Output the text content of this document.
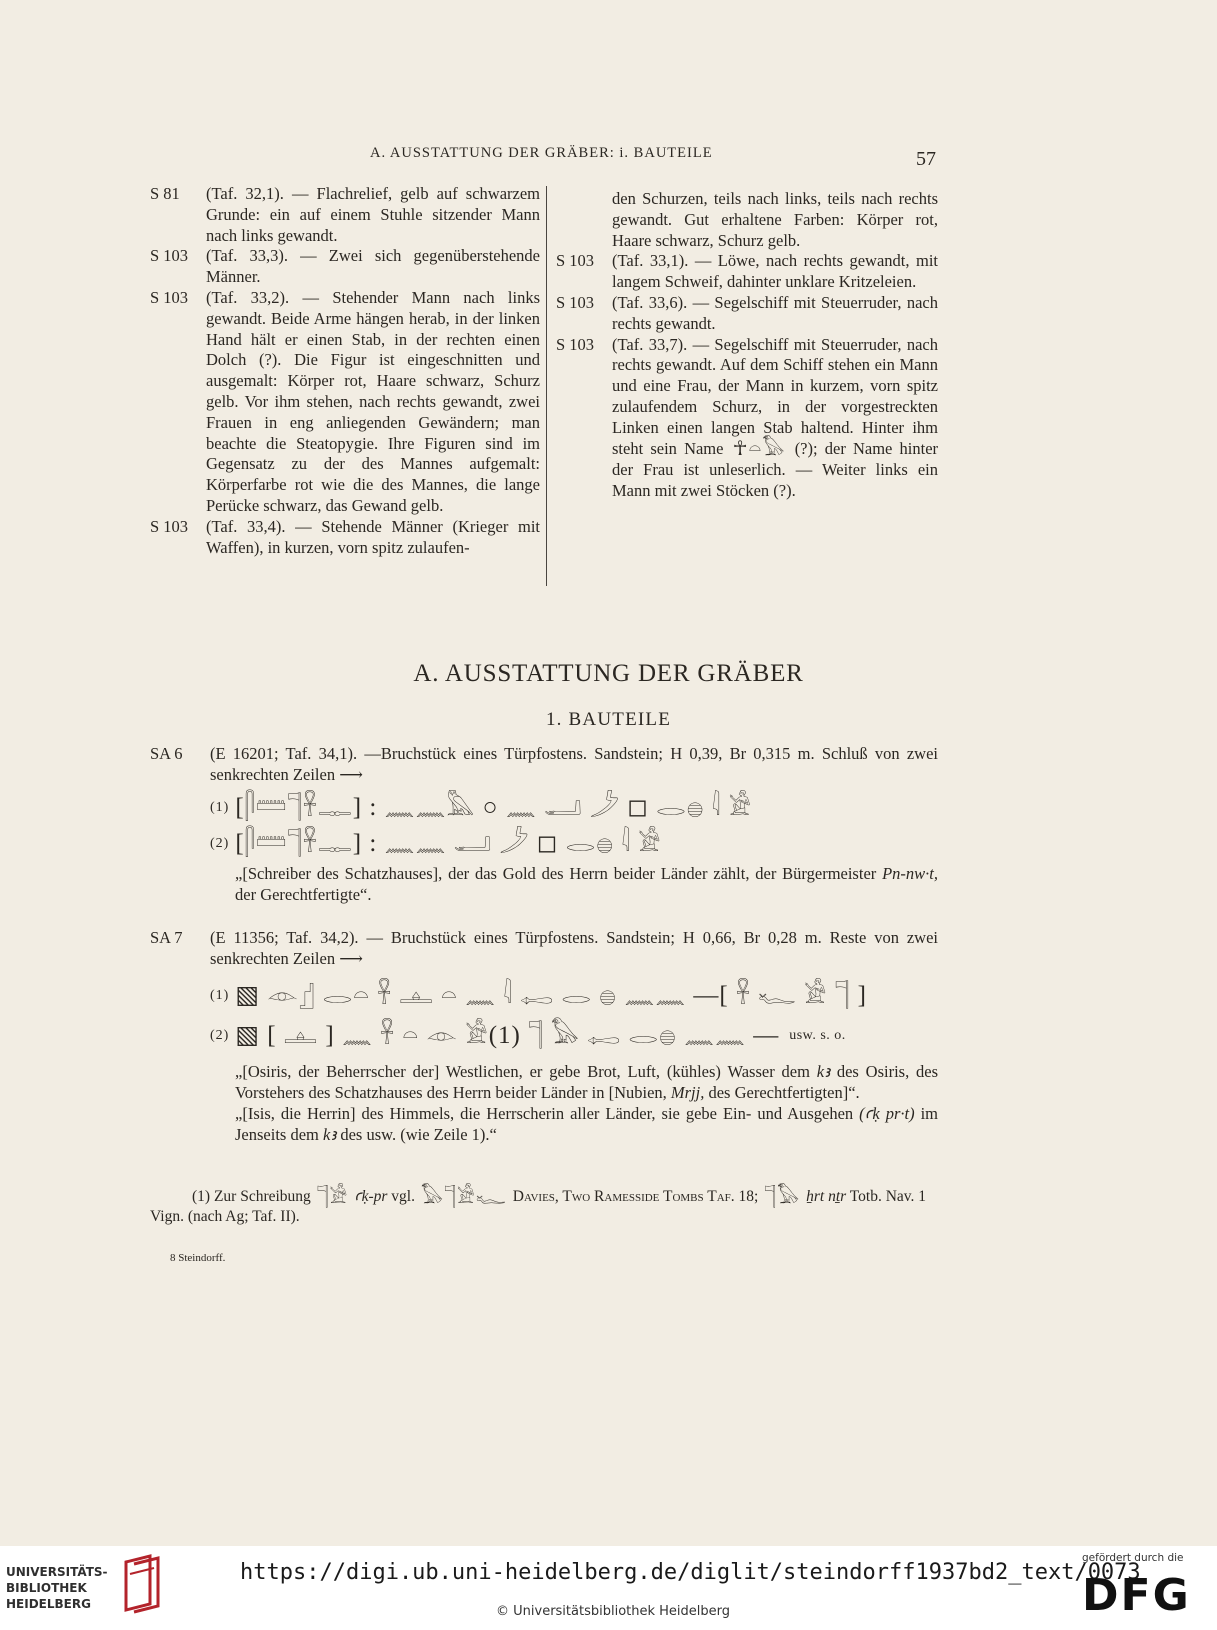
A. AUSSTATTUNG DER GRÄBER: i. BAUTEILE	57
S 81 (Taf. 32,1). — Flachrelief, gelb auf schwarzem Grunde: ein auf einem Stuhle sitzender Mann nach links gewandt.
S 103 (Taf. 33,3). — Zwei sich gegenüberstehende Männer.
S 103 (Taf. 33,2). — Stehender Mann nach links gewandt. Beide Arme hängen herab, in der linken Hand hält er einen Stab, in der rechten einen Dolch (?). Die Figur ist eingeschnitten und ausgemalt: Körper rot, Haare schwarz, Schurz gelb. Vor ihm stehen, nach rechts gewandt, zwei Frauen in eng anliegenden Gewändern; man beachte die Steatopygie. Ihre Figuren sind im Gegensatz zu der des Mannes aufgemalt: Körperfarbe rot wie die des Mannes, die lange Perücke schwarz, das Gewand gelb.
S 103 (Taf. 33,4). — Stehende Männer (Krieger mit Waffen), in kurzen, vorn spitz zulaufen-
den Schurzen, teils nach links, teils nach rechts gewandt. Gut erhaltene Farben: Körper rot, Haare schwarz, Schurz gelb.
S 103 (Taf. 33,1). — Löwe, nach rechts gewandt, mit langem Schweif, dahinter unklare Kritzeleien.
S 103 (Taf. 33,6). — Segelschiff mit Steuerruder, nach rechts gewandt.
S 103 (Taf. 33,7). — Segelschiff mit Steuerruder, nach rechts gewandt. Auf dem Schiff stehen ein Mann und eine Frau, der Mann in kurzem, vorn spitz zulaufendem Schurz, in der vorgestreckten Linken einen langen Stab haltend. Hinter ihm steht sein Name ☥𓏏𓅃 (?); der Name hinter der Frau ist unleserlich. — Weiter links ein Mann mit zwei Stöcken (?).
A. AUSSTATTUNG DER GRÄBER
1. BAUTEILE
SA 6 (E 16201; Taf. 34,1). —Bruchstück eines Türpfostens. Sandstein; H 0,39, Br 0,315 m. Schluß von zwei senkrechten Zeilen ⟶
(1) [𓋴𓏠𓊹𓋹𓊃] : 𓈖𓈖𓅓 ○ 𓈖 𓂝 𓌳 ◻ 𓂋𓐍 𓇋 𓀀
(2) [𓋴𓏠𓊹𓋹𓊃] : 𓈖𓈖 𓂝 𓌳 ◻ 𓂋𓐍 𓇋 𓀀
„[Schreiber des Schatzhauses], der das Gold des Herrn beider Länder zählt, der Bürgermeister Pn-nw·t, der Gerechtfertigte“.
SA 7 (E 11356; Taf. 34,2). — Bruchstück eines Türpfostens. Sandstein; H 0,66, Br 0,28 m. Reste von zwei senkrechten Zeilen ⟶
(1) ▧ 𓁹𓊨 𓂋𓏏 𓋹 𓊵 𓏏 𓈖 𓇋 𓉻 𓂋 𓐍 𓈖𓈖 —[ 𓋹 𓆑 𓀀 𓊹 ]
(2) ▧ [ 𓊵 ] 𓈖 𓋹 𓏏 𓁹 𓀀(1) 𓊹 𓅃 𓉻 𓂋𓐍 𓈖𓈖 — usw. s. o.
„[Osiris, der Beherrscher der] Westlichen, er gebe Brot, Luft, (kühles) Wasser dem kꜣ des Osiris, des Vorstehers des Schatzhauses des Herrn beider Länder in [Nubien, Mrjj, des Gerechtfertigten]“.
„[Isis, die Herrin] des Himmels, die Herrscherin aller Länder, sie gebe Ein- und Ausgehen (ꜥḳ pr·t) im Jenseits dem kꜣ des usw. (wie Zeile 1).“
(1) Zur Schreibung 𓊹𓀀 ꜥḳ-pr vgl. 𓅃𓊹𓀀𓆑 Davies, Two Ramesside Tombs Taf. 18; 𓊹𓅃 ẖrt nṯr Totb. Nav. 1 Vign. (nach Ag; Taf. II).
8 Steindorff.
UNIVERSITÄTS-
BIBLIOTHEK
HEIDELBERG
https://digi.ub.uni-heidelberg.de/diglit/steindorff1937bd2_text/0073
© Universitätsbibliothek Heidelberg
gefördert durch die
DFG
